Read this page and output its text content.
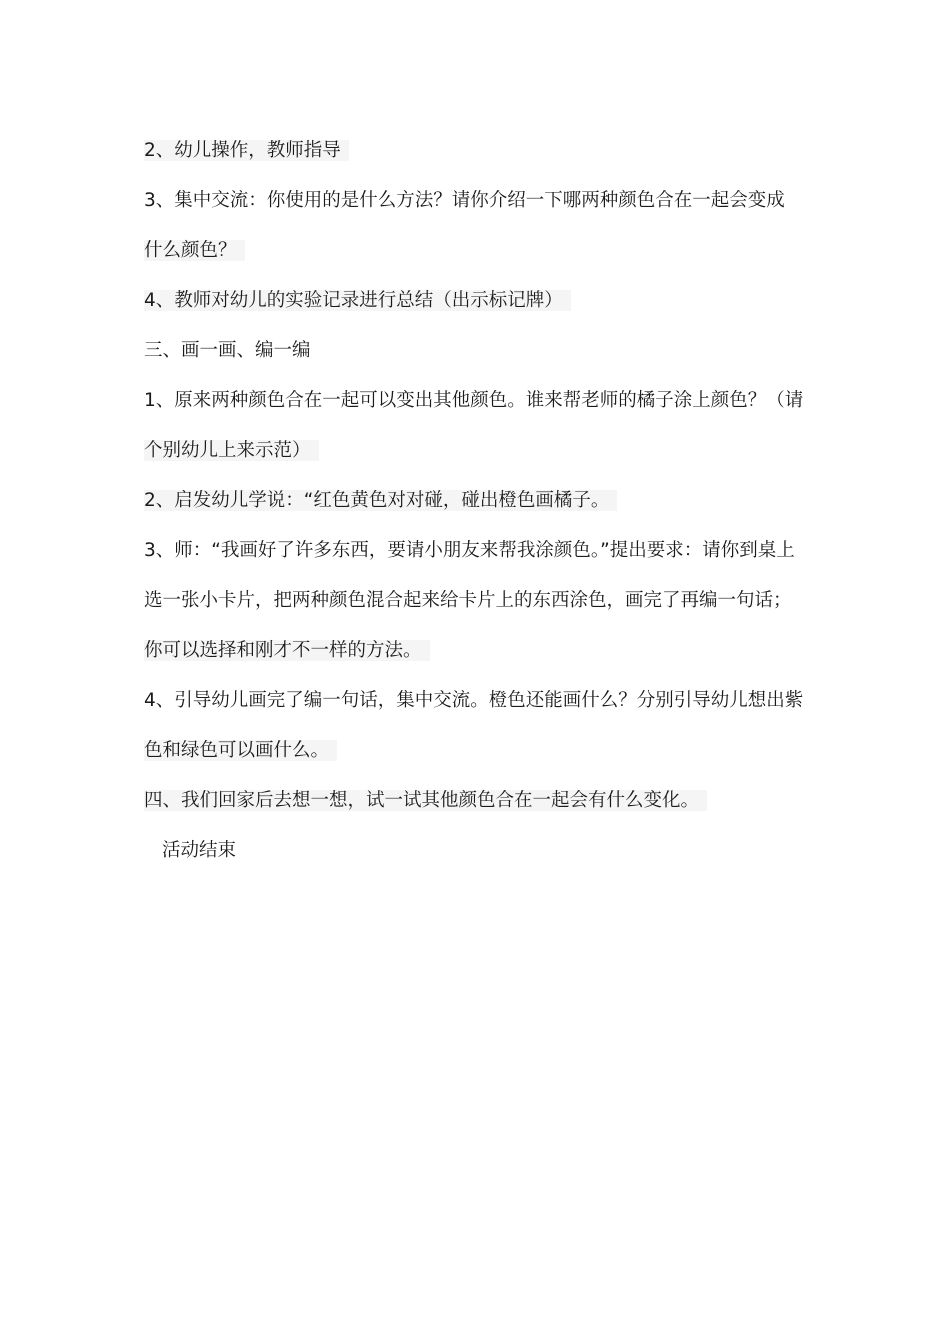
2、幼儿操作，教师指导
3、集中交流：你使用的是什么方法？请你介绍一下哪两种颜色合在一起会变成
什么颜色？
4、教师对幼儿的实验记录进行总结（出示标记牌）
三、画一画、编一编
1、原来两种颜色合在一起可以变出其他颜色。谁来帮老师的橘子涂上颜色？（请
个别幼儿上来示范）
2、启发幼儿学说：“红色黄色对对碰，碰出橙色画橘子。
3、师：“我画好了许多东西，要请小朋友来帮我涂颜色。”提出要求：请你到桌上
选一张小卡片，把两种颜色混合起来给卡片上的东西涂色，画完了再编一句话；
你可以选择和刚才不一样的方法。
4、引导幼儿画完了编一句话，集中交流。橙色还能画什么？分别引导幼儿想出紫
色和绿色可以画什么。
四、我们回家后去想一想，试一试其他颜色合在一起会有什么变化。
活动结束
